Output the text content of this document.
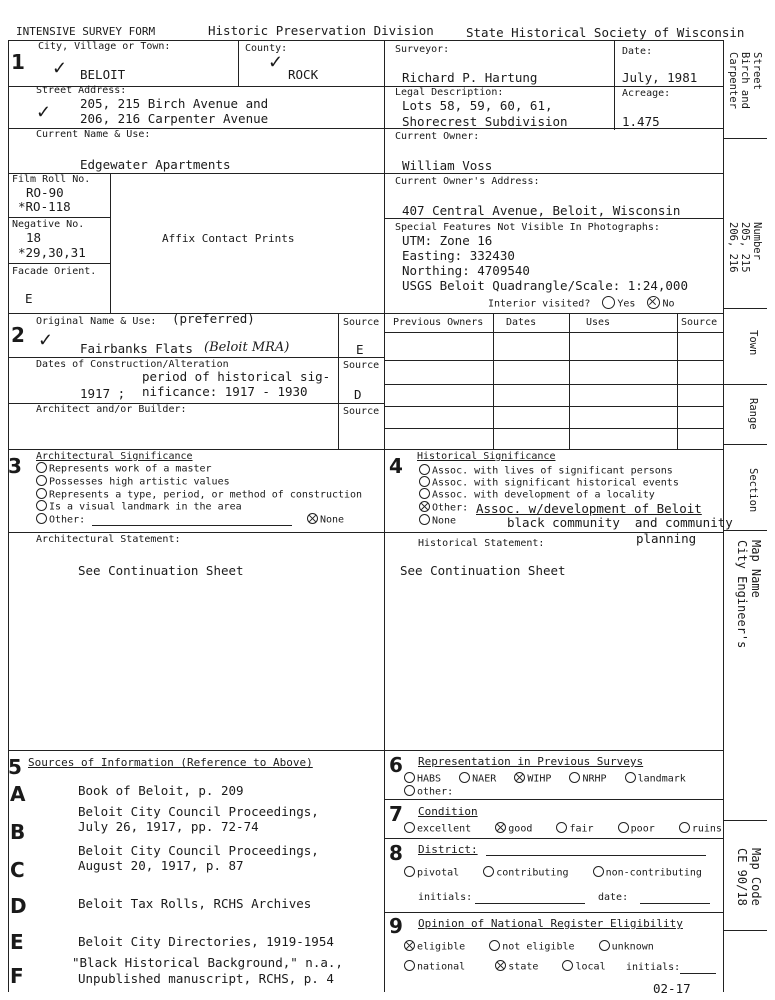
INTENSIVE SURVEY FORM	Historic Preservation Division	State Historical Society of Wisconsin
1
City, Village or Town:
✓ BELOIT
County:
✓
ROCK
Surveyor:
Richard P. Hartung
Date:
July, 1981
Street Address:
✓ 205, 215 Birch Avenue and
206, 216 Carpenter Avenue
Legal Description:
Lots 58, 59, 60, 61,
Shorecrest Subdivision
Acreage:
1.475
Current Name & Use:
Edgewater Apartments
Current Owner:
William Voss
Film Roll No.
RO-90
*RO-118
Current Owner's Address:
407 Central Avenue, Beloit, Wisconsin
Negative No.
18
*29,30,31
Affix Contact Prints
Special Features Not Visible In Photographs:
UTM: Zone 16
Easting: 332430
Northing: 4709540
USGS Beloit Quadrangle/Scale: 1:24,000
Facade Orient.
E	Interior visited?	Yes	No
2
Original Name & Use: (preferred)
✓ Fairbanks Flats (Beloit MRA)
Source
E
Dates of Construction/Alteration
period of historical sig-
nificance: 1917 - 1930
1917 ;
Source
D
Architect and/or Builder:	Source
Previous Owners Dates	Uses	Source
3 Architectural Significance
Represents work of a master
Possesses high artistic values
Represents a type, period, or method of construction
Is a visual landmark in the area
Other:	None
Architectural Statement:
See Continuation Sheet
4 Historical Significance
Assoc. with lives of significant persons
Assoc. with significant historical events
Assoc. with development of a locality
Other: Assoc. w/development of Beloit
black community  and community
planning
None
Historical Statement:
See Continuation Sheet
5 Sources of Information (Reference to Above)
A	Book of Beloit, p. 209
B
Beloit City Council Proceedings,
July 26, 1917, pp. 72-74
C
Beloit City Council Proceedings,
August 20, 1917, p. 87
D	Beloit Tax Rolls, RCHS Archives
E	Beloit City Directories, 1919-1954
F
"Black Historical Background," n.a.,
Unpublished manuscript, RCHS, p. 4
6 Representation in Previous Surveys
HABS	NAER	WIHP	NRHP	landmark
other:
7 Condition
excellent	good	fair	poor	ruins
8 District:
pivotal	contributing	non-contributing
initials:	date:
9 Opinion of National Register Eligibility
eligible	not eligible	unknown
national	state	local initials:
Street
Birch and
Carpenter
Number
205, 215
206, 216
Town
Range
Section
Map Name
City Engineer's
Map Code
CE 90/18
02-17
